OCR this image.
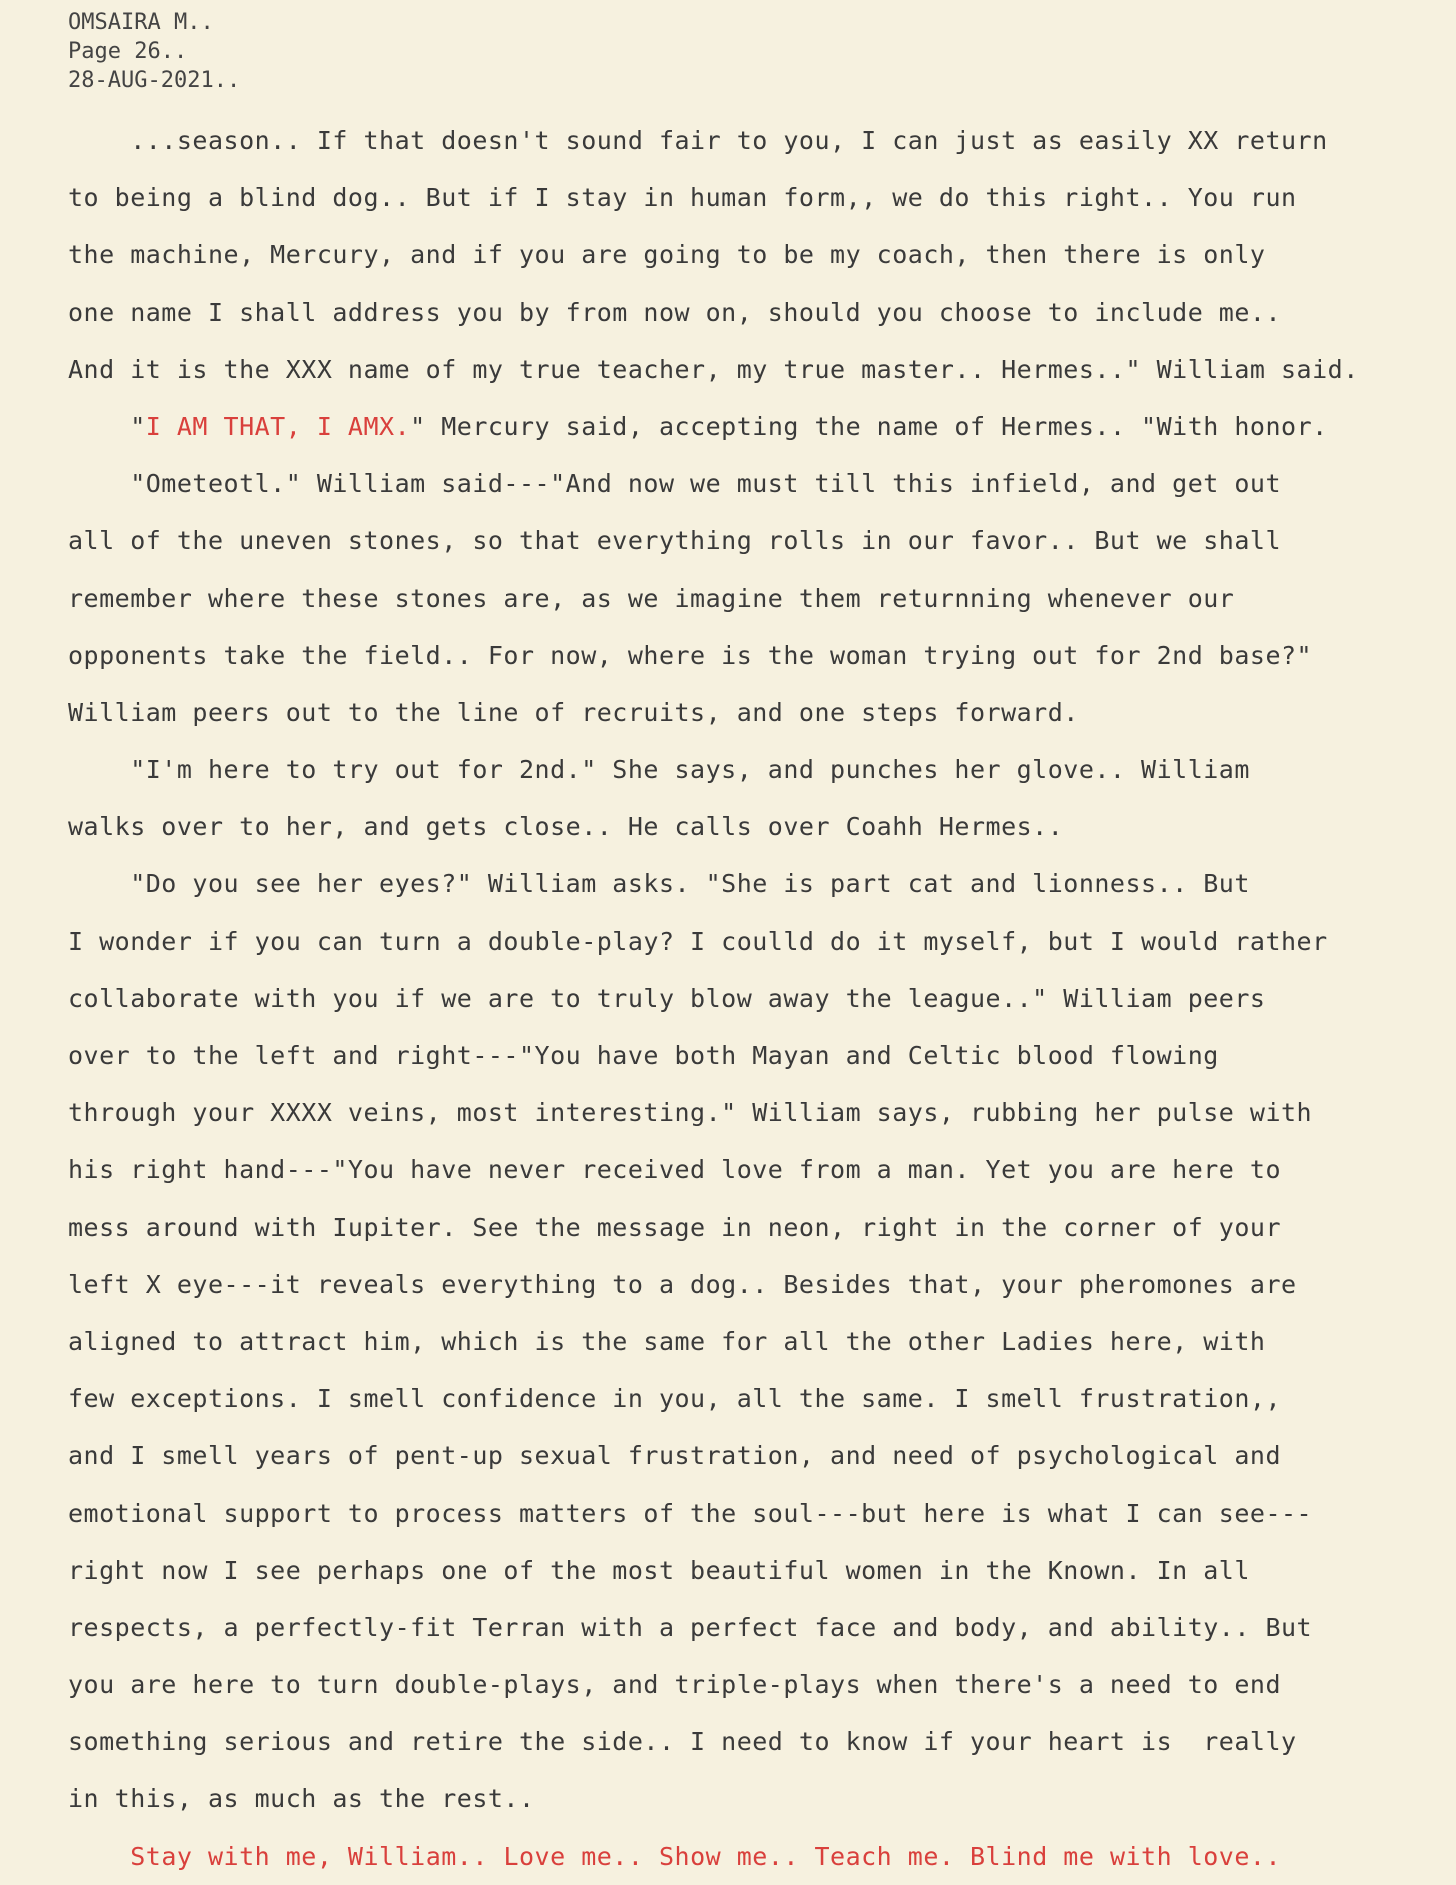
OMSAIRA M..
Page 26..
28-AUG-2021..
...season.. If that doesn't sound fair to you, I can just as easily XX return
to being a blind dog.. But if I stay in human form,, we do this right.. You run
the machine, Mercury, and if you are going to be my coach, then there is only
one name I shall address you by from now on, should you choose to include me..
And it is the XXX name of my true teacher, my true master.. Hermes.." William said.
"I AM THAT, I AMX." Mercury said, accepting the name of Hermes.. "With honor.
"Ometeotl." William said---"And now we must till this infield, and get out
all of the uneven stones, so that everything rolls in our favor.. But we shall
remember where these stones are, as we imagine them returnning whenever our
opponents take the field.. For now, where is the woman trying out for 2nd base?"
William peers out to the line of recruits, and one steps forward.
"I'm here to try out for 2nd." She says, and punches her glove.. William
walks over to her, and gets close.. He calls over Coahh Hermes..
"Do you see her eyes?" William asks. "She is part cat and lionness.. But
I wonder if you can turn a double-play? I coulld do it myself, but I would rather
collaborate with you if we are to truly blow away the league.." William peers
over to the left and right---"You have both Mayan and Celtic blood flowing
through your XXXX veins, most interesting." William says, rubbing her pulse with
his right hand---"You have never received love from a man. Yet you are here to
mess around with Iupiter. See the message in neon, right in the corner of your
left X eye---it reveals everything to a dog.. Besides that, your pheromones are
aligned to attract him, which is the same for all the other Ladies here, with
few exceptions. I smell confidence in you, all the same. I smell frustration,,
and I smell years of pent-up sexual frustration, and need of psychological and
emotional support to process matters of the soul---but here is what I can see---
right now I see perhaps one of the most beautiful women in the Known. In all
respects, a perfectly-fit Terran with a perfect face and body, and ability.. But
you are here to turn double-plays, and triple-plays when there's a need to end
something serious and retire the side.. I need to know if your heart is  really
in this, as much as the rest..
Stay with me, William.. Love me.. Show me.. Teach me. Blind me with love..
